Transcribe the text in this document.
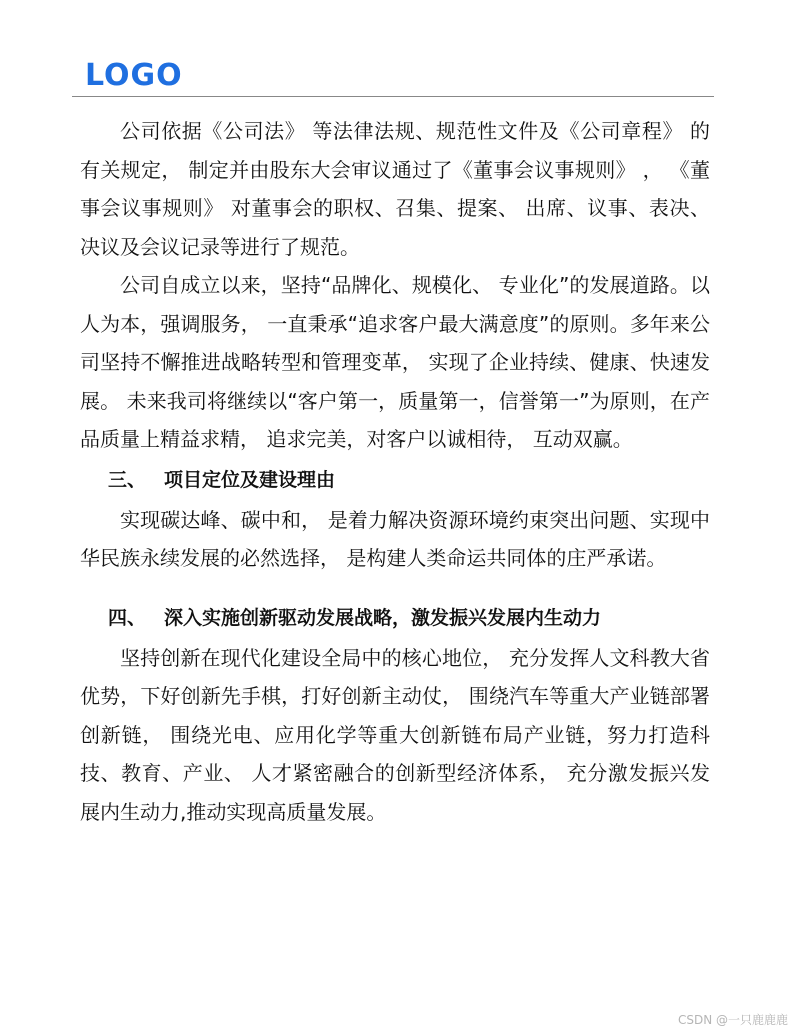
LOGO

公司依据《公司法》 等法律法规、规范性文件及《公司章程》 的有关规定， 制定并由股东大会审议通过了《董事会议事规则》 ， 《董事会议事规则》 对董事会的职权、召集、提案、 出席、议事、表决、决议及会议记录等进行了规范。

公司自成立以来，坚持“品牌化、规模化、 专业化”的发展道路。以人为本，强调服务， 一直秉承“追求客户最大满意度”的原则。多年来公司坚持不懈推进战略转型和管理变革， 实现了企业持续、健康、快速发展。 未来我司将继续以“客户第一，质量第一，信誉第一”为原则，在产品质量上精益求精， 追求完美，对客户以诚相待， 互动双赢。

三、 项目定位及建设理由

实现碳达峰、碳中和， 是着力解决资源环境约束突出问题、实现中华民族永续发展的必然选择， 是构建人类命运共同体的庄严承诺。

四、 深入实施创新驱动发展战略，激发振兴发展内生动力

坚持创新在现代化建设全局中的核心地位， 充分发挥人文科教大省优势，下好创新先手棋，打好创新主动仗， 围绕汽车等重大产业链部署创新链， 围绕光电、应用化学等重大创新链布局产业链，努力打造科技、教育、产业、 人才紧密融合的创新型经济体系， 充分激发振兴发展内生动力,推动实现高质量发展。

CSDN @一只鹿鹿鹿
